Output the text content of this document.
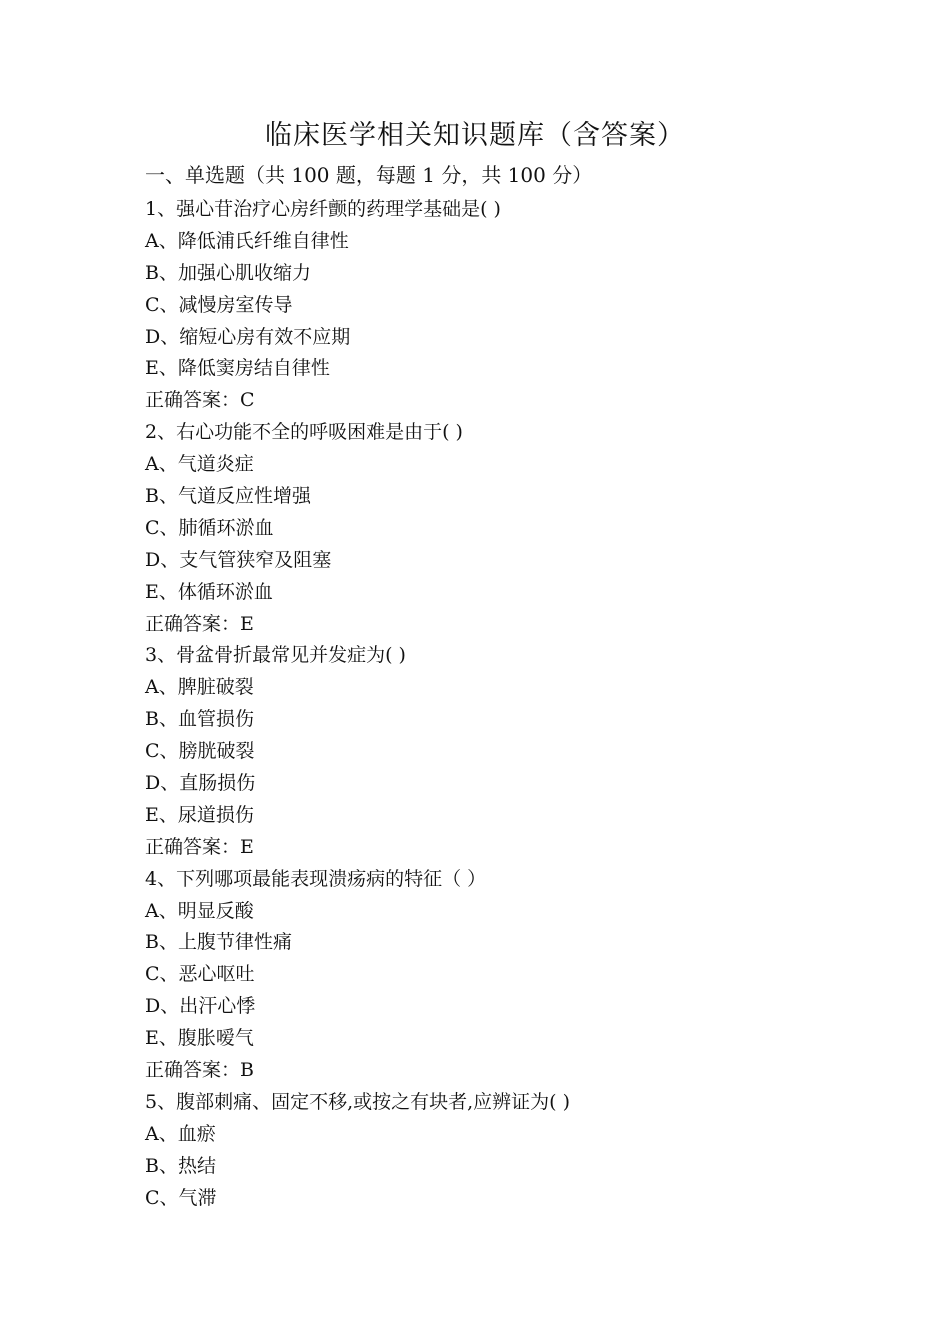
临床医学相关知识题库（含答案）
一、单选题（共 100 题，每题 1 分，共 100 分）
1、强心苷治疗心房纤颤的药理学基础是( )
A、降低浦氏纤维自律性
B、加强心肌收缩力
C、减慢房室传导
D、缩短心房有效不应期
E、降低窦房结自律性
正确答案：C
2、右心功能不全的呼吸困难是由于( )
A、气道炎症
B、气道反应性增强
C、肺循环淤血
D、支气管狭窄及阻塞
E、体循环淤血
正确答案：E
3、骨盆骨折最常见并发症为( )
A、脾脏破裂
B、血管损伤
C、膀胱破裂
D、直肠损伤
E、尿道损伤
正确答案：E
4、下列哪项最能表现溃疡病的特征（ ）
A、明显反酸
B、上腹节律性痛
C、恶心呕吐
D、出汗心悸
E、腹胀嗳气
正确答案：B
5、腹部刺痛、固定不移,或按之有块者,应辨证为( )
A、血瘀
B、热结
C、气滞
